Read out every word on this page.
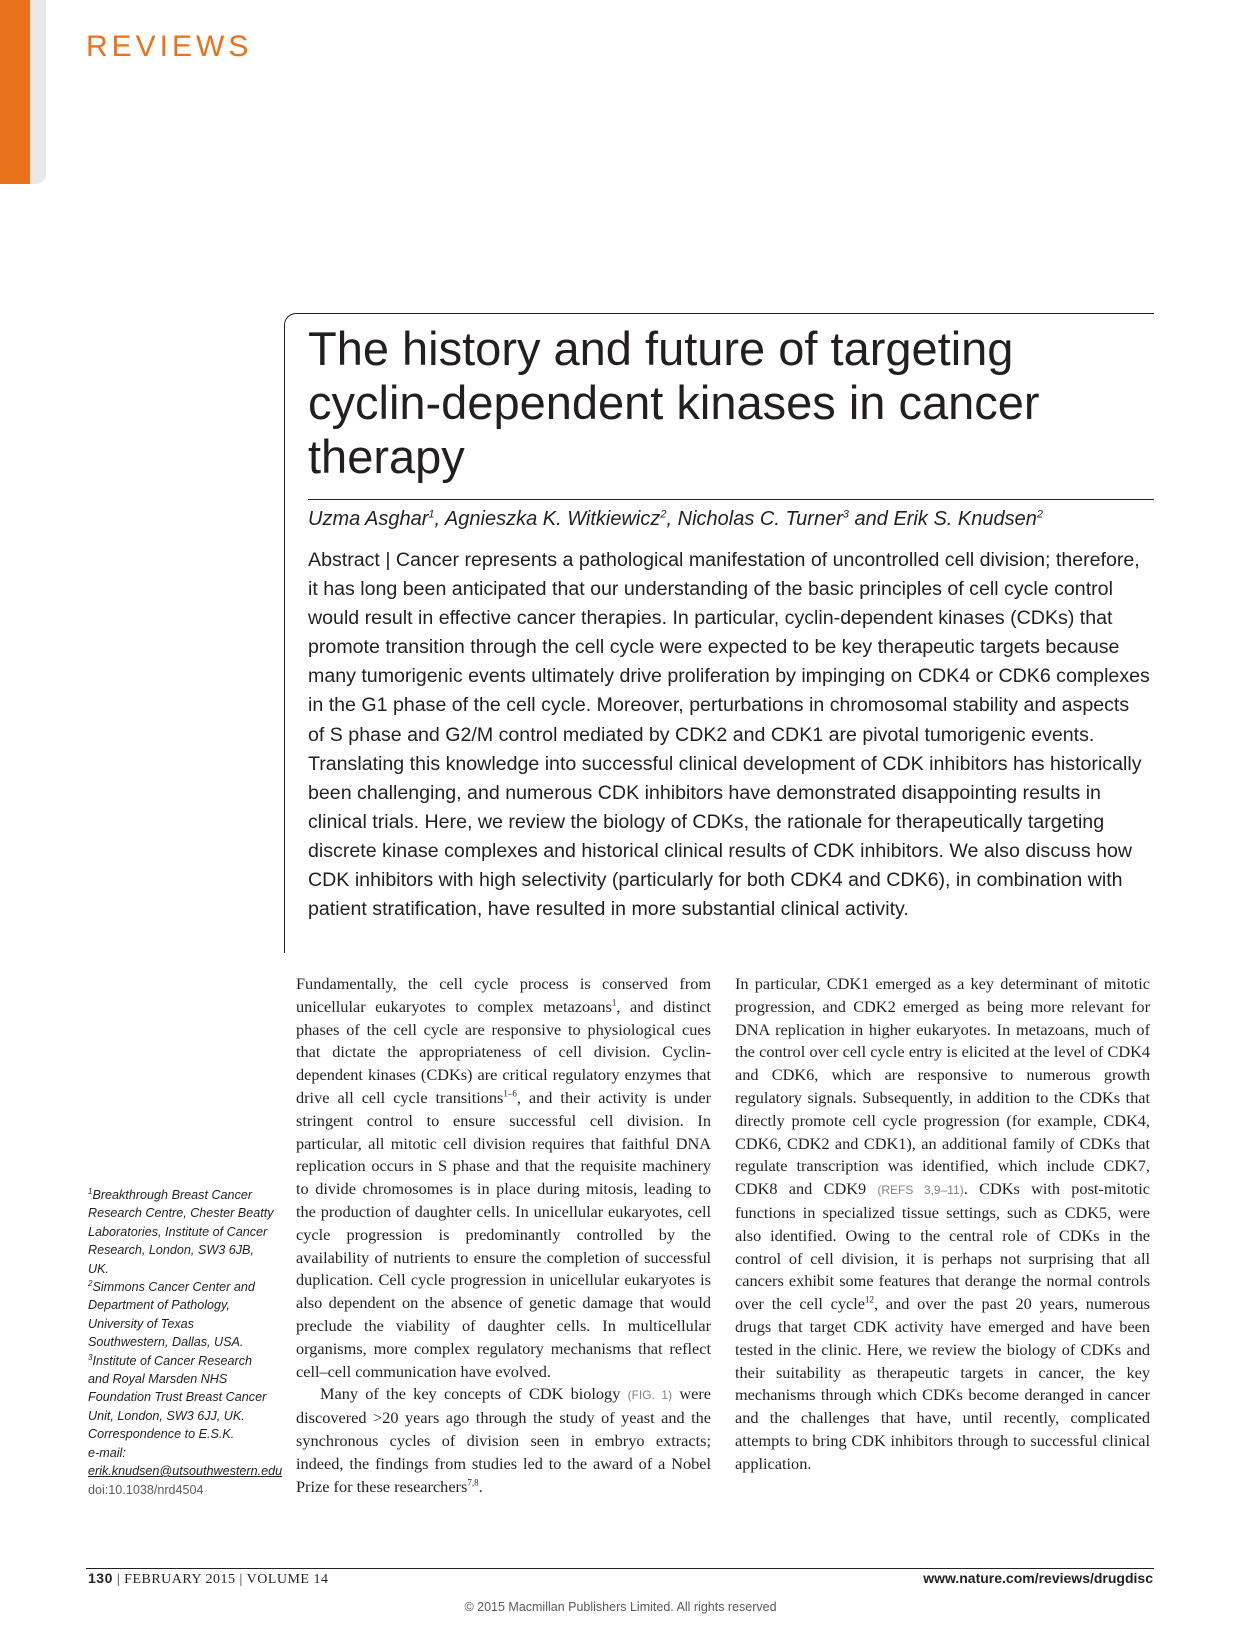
REVIEWS
The history and future of targeting cyclin-dependent kinases in cancer therapy
Uzma Asghar$^1$, Agnieszka K. Witkiewicz$^2$, Nicholas C. Turner$^3$ and Erik S. Knudsen$^2$

Abstract | Cancer represents a pathological manifestation of uncontrolled cell division; therefore, it has long been anticipated that our understanding of the basic principles of cell cycle control would result in effective cancer therapies. In particular, cyclin-dependent kinases (CDKs) that promote transition through the cell cycle were expected to be key therapeutic targets because many tumorigenic events ultimately drive proliferation by impinging on CDK4 or CDK6 complexes in the G1 phase of the cell cycle. Moreover, perturbations in chromosomal stability and aspects of S phase and G2/M control mediated by CDK2 and CDK1 are pivotal tumorigenic events. Translating this knowledge into successful clinical development of CDK inhibitors has historically been challenging, and numerous CDK inhibitors have demonstrated disappointing results in clinical trials. Here, we review the biology of CDKs, the rationale for therapeutically targeting discrete kinase complexes and historical clinical results of CDK inhibitors. We also discuss how CDK inhibitors with high selectivity (particularly for both CDK4 and CDK6), in combination with patient stratification, have resulted in more substantial clinical activity.

Fundamentally, the cell cycle process is conserved from unicellular eukaryotes to complex metazoans$^1$, and distinct phases of the cell cycle are responsive to physiological cues that dictate the appropriateness of cell division. Cyclin-dependent kinases (CDKs) are critical regulatory enzymes that drive all cell cycle transitions$^{1-6}$, and their activity is under stringent control to ensure successful cell division. In particular, all mitotic cell division requires that faithful DNA replication occurs in S phase and that the requisite machinery to divide chromosomes is in place during mitosis, leading to the production of daughter cells. In unicellular eukaryotes, cell cycle progression is predominantly controlled by the availability of nutrients to ensure the completion of successful duplication. Cell cycle progression in unicellular eukaryotes is also dependent on the absence of genetic damage that would preclude the viability of daughter cells. In multicellular organisms, more complex regulatory mechanisms that reflect cell–cell communication have evolved.

Many of the key concepts of CDK biology (FIG. 1) were discovered >20 years ago through the study of yeast and the synchronous cycles of division seen in embryo extracts; indeed, the findings from studies led to the award of a Nobel Prize for these researchers$^{7,8}$.

In particular, CDK1 emerged as a key determinant of mitotic progression, and CDK2 emerged as being more relevant for DNA replication in higher eukaryotes. In metazoans, much of the control over cell cycle entry is elicited at the level of CDK4 and CDK6, which are responsive to numerous growth regulatory signals. Subsequently, in addition to the CDKs that directly promote cell cycle progression (for example, CDK4, CDK6, CDK2 and CDK1), an additional family of CDKs that regulate transcription was identified, which include CDK7, CDK8 and CDK9 (REFS 3,9–11). CDKs with post-mitotic functions in specialized tissue settings, such as CDK5, were also identified. Owing to the central role of CDKs in the control of cell division, it is perhaps not surprising that all cancers exhibit some features that derange the normal controls over the cell cycle$^{12}$, and over the past 20 years, numerous drugs that target CDK activity have emerged and have been tested in the clinic. Here, we review the biology of CDKs and their suitability as therapeutic targets in cancer, the key mechanisms through which CDKs become deranged in cancer and the challenges that have, until recently, complicated attempts to bring CDK inhibitors through to successful clinical application.

$^1$Breakthrough Breast Cancer Research Centre, Chester Beatty Laboratories, Institute of Cancer Research, London, SW3 6JB, UK.

$^2$Simmons Cancer Center and Department of Pathology, University of Texas Southwestern, Dallas, USA.

$^3$Institute of Cancer Research and Royal Marsden NHS Foundation Trust Breast Cancer Unit, London, SW3 6JJ, UK.

Correspondence to E.S.K.

e-mail: erik.knudsen@utsouthwestern.edu

doi:10.1038/nrd4504

130 | FEBRUARY 2015 | VOLUME 14	www.nature.com/reviews/drugdisc
© 2015 Macmillan Publishers Limited. All rights reserved
